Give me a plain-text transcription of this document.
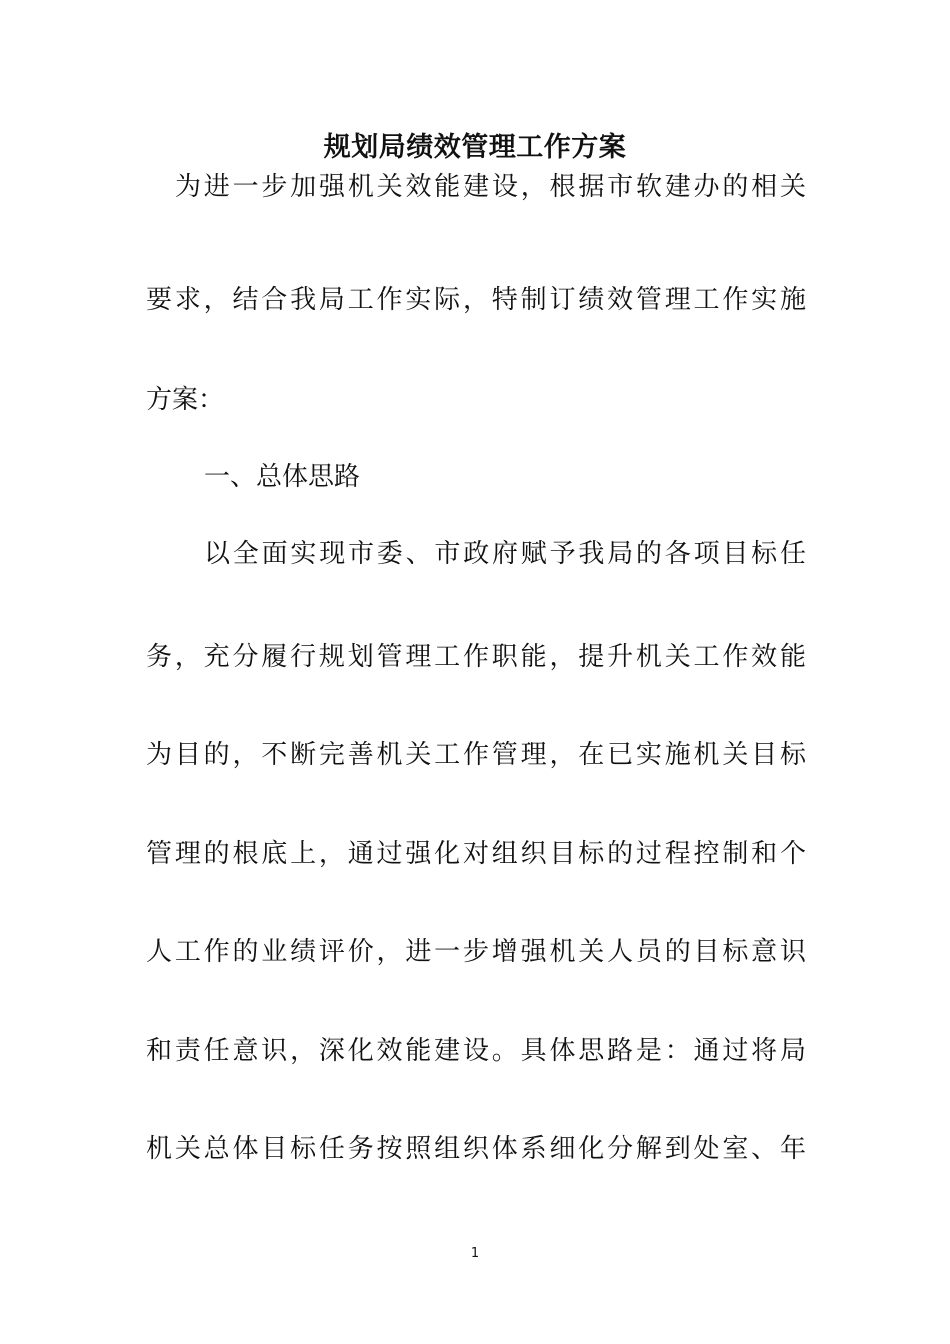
规划局绩效管理工作方案

为进一步加强机关效能建设，根据市软建办的相关

要求，结合我局工作实际，特制订绩效管理工作实施

方案：

一、总体思路

以全面实现市委、市政府赋予我局的各项目标任

务，充分履行规划管理工作职能，提升机关工作效能

为目的，不断完善机关工作管理，在已实施机关目标

管理的根底上，通过强化对组织目标的过程控制和个

人工作的业绩评价，进一步增强机关人员的目标意识

和责任意识，深化效能建设。具体思路是：通过将局

机关总体目标任务按照组织体系细化分解到处室、年

1
